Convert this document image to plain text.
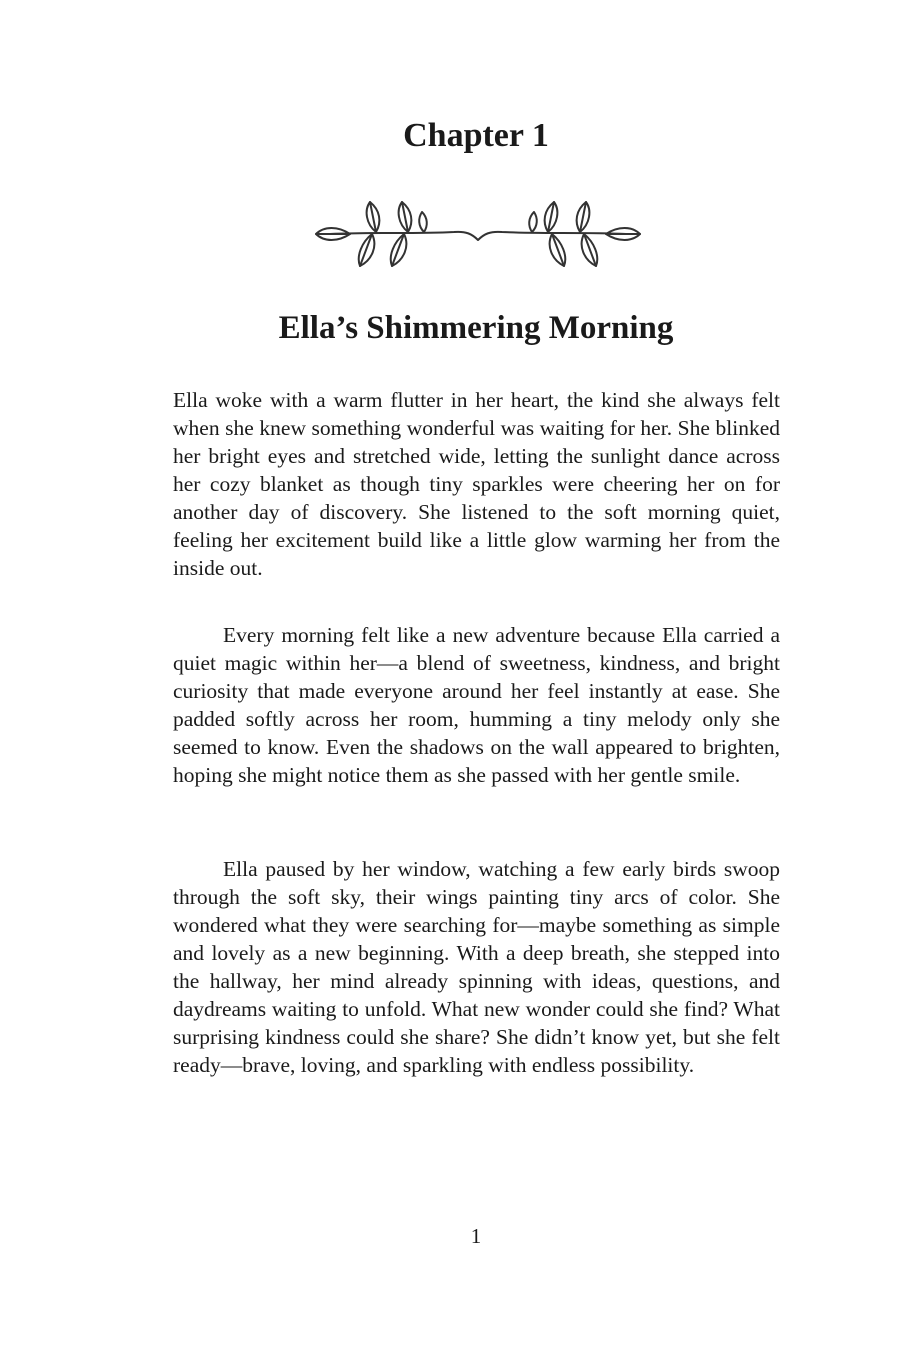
Chapter 1
Ella’s Shimmering Morning

Ella woke with a warm flutter in her heart, the kind she always felt when she knew something wonderful was waiting for her. She blinked her bright eyes and stretched wide, letting the sunlight dance across her cozy blanket as though tiny sparkles were cheering her on for another day of discovery. She listened to the soft morning quiet, feeling her excitement build like a little glow warming her from the inside out.

Every morning felt like a new adventure because Ella carried a quiet magic within her—a blend of sweetness, kindness, and bright curiosity that made everyone around her feel instantly at ease. She padded softly across her room, humming a tiny melody only she seemed to know. Even the shadows on the wall appeared to brighten, hoping she might notice them as she passed with her gentle smile.

Ella paused by her window, watching a few early birds swoop through the soft sky, their wings painting tiny arcs of color. She wondered what they were searching for—maybe something as simple and lovely as a new beginning. With a deep breath, she stepped into the hallway, her mind already spinning with ideas, questions, and daydreams waiting to unfold. What new wonder could she find? What surprising kindness could she share? She didn’t know yet, but she felt ready—brave, loving, and sparkling with endless possibility.

1
